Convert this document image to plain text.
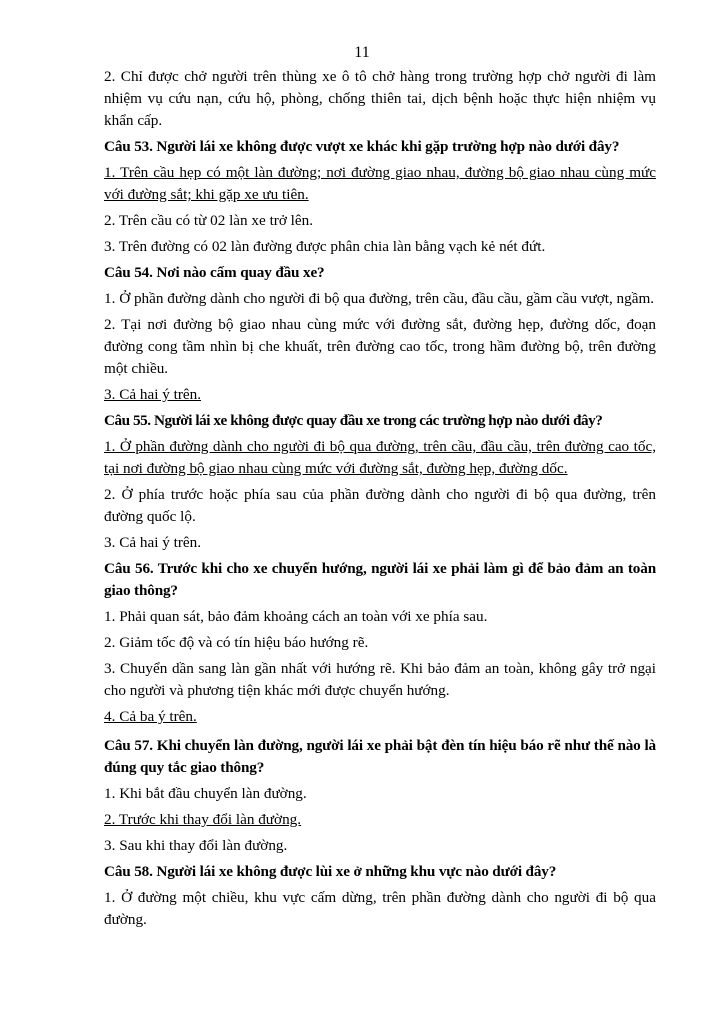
11

2. Chỉ được chở người trên thùng xe ô tô chở hàng trong trường hợp chở người đi làm nhiệm vụ cứu nạn, cứu hộ, phòng, chống thiên tai, dịch bệnh hoặc thực hiện nhiệm vụ khẩn cấp.

Câu 53. Người lái xe không được vượt xe khác khi gặp trường hợp nào dưới đây?

1. Trên cầu hẹp có một làn đường; nơi đường giao nhau, đường bộ giao nhau cùng mức với đường sắt; khi gặp xe ưu tiên.

2. Trên cầu có từ 02 làn xe trở lên.

3. Trên đường có 02 làn đường được phân chia làn bằng vạch kẻ nét đứt.

Câu 54. Nơi nào cấm quay đầu xe?

1. Ở phần đường dành cho người đi bộ qua đường, trên cầu, đầu cầu, gầm cầu vượt, ngầm.

2. Tại nơi đường bộ giao nhau cùng mức với đường sắt, đường hẹp, đường dốc, đoạn đường cong tầm nhìn bị che khuất, trên đường cao tốc, trong hầm đường bộ, trên đường một chiều.

3. Cả hai ý trên.

Câu 55. Người lái xe không được quay đầu xe trong các trường hợp nào dưới đây?

1. Ở phần đường dành cho người đi bộ qua đường, trên cầu, đầu cầu, trên đường cao tốc, tại nơi đường bộ giao nhau cùng mức với đường sắt, đường hẹp, đường dốc.

2. Ở phía trước hoặc phía sau của phần đường dành cho người đi bộ qua đường, trên đường quốc lộ.

3. Cả hai ý trên.

Câu 56. Trước khi cho xe chuyển hướng, người lái xe phải làm gì để bảo đảm an toàn giao thông?

1. Phải quan sát, bảo đảm khoảng cách an toàn với xe phía sau.

2. Giảm tốc độ và có tín hiệu báo hướng rẽ.

3. Chuyển dần sang làn gần nhất với hướng rẽ. Khi bảo đảm an toàn, không gây trở ngại cho người và phương tiện khác mới được chuyển hướng.

4. Cả ba ý trên.

Câu 57. Khi chuyển làn đường, người lái xe phải bật đèn tín hiệu báo rẽ như thế nào là đúng quy tắc giao thông?

1. Khi bắt đầu chuyển làn đường.

2. Trước khi thay đổi làn đường.

3. Sau khi thay đổi làn đường.

Câu 58. Người lái xe không được lùi xe ở những khu vực nào dưới đây?

1. Ở đường một chiều, khu vực cấm dừng, trên phần đường dành cho người đi bộ qua đường.
